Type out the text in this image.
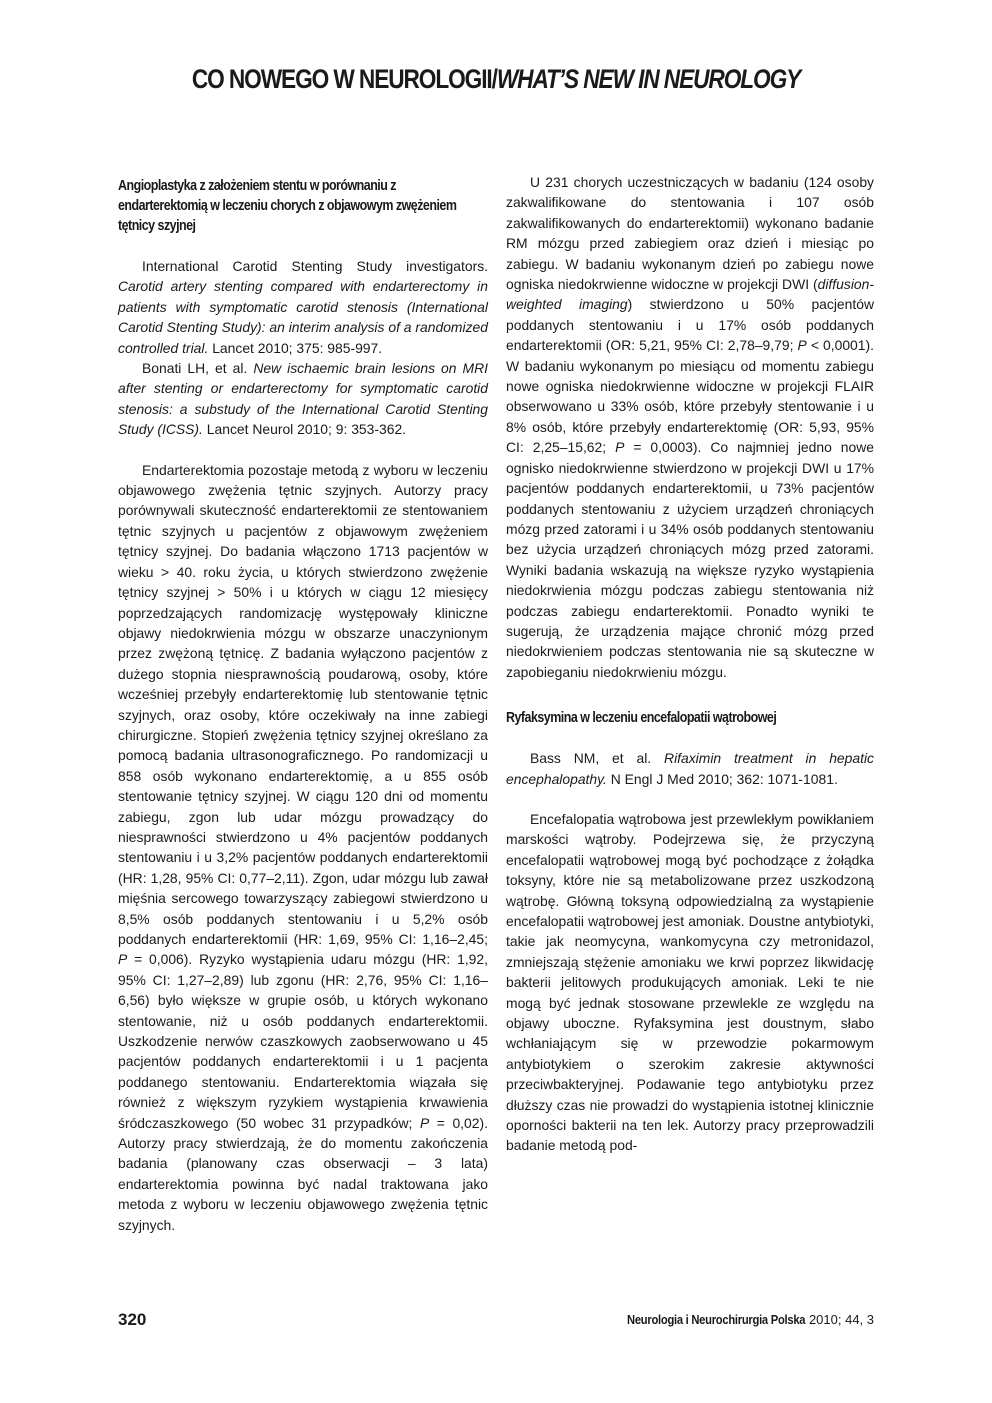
CO NOWEGO W NEUROLOGII/WHAT’S NEW IN NEUROLOGY
Angioplastyka z założeniem stentu w porównaniu z endarterektomią w leczeniu chorych z objawowym zwężeniem tętnicy szyjnej

International Carotid Stenting Study investigators. Carotid artery stenting compared with endarterectomy in patients with symptomatic carotid stenosis (International Carotid Stenting Study): an interim analysis of a randomized controlled trial. Lancet 2010; 375: 985-997.

Bonati LH, et al. New ischaemic brain lesions on MRI after stenting or endarterectomy for symptomatic carotid stenosis: a substudy of the International Carotid Stenting Study (ICSS). Lancet Neurol 2010; 9: 353-362.

Endarterektomia pozostaje metodą z wyboru w leczeniu objawowego zwężenia tętnic szyjnych. Autorzy pracy porównywali skuteczność endarterektomii ze stentowaniem tętnic szyjnych u pacjentów z objawowym zwężeniem tętnicy szyjnej. Do badania włączono 1713 pacjentów w wieku > 40. roku życia, u których stwierdzono zwężenie tętnicy szyjnej > 50% i u których w ciągu 12 miesięcy poprzedzających randomizację występowały kliniczne objawy niedokrwienia mózgu w obszarze unaczynionym przez zwężoną tętnicę. Z badania wyłączono pacjentów z dużego stopnia niesprawnością poudarową, osoby, które wcześniej przebyły endarterektomię lub stentowanie tętnic szyjnych, oraz osoby, które oczekiwały na inne zabiegi chirurgiczne. Stopień zwężenia tętnicy szyjnej określano za pomocą badania ultrasonograficznego. Po randomizacji u 858 osób wykonano endarterektomię, a u 855 osób stentowanie tętnicy szyjnej. W ciągu 120 dni od momentu zabiegu, zgon lub udar mózgu prowadzący do niesprawności stwierdzono u 4% pacjentów poddanych stentowaniu i u 3,2% pacjentów poddanych endarterektomii (HR: 1,28, 95% CI: 0,77–2,11). Zgon, udar mózgu lub zawał mięśnia sercowego towarzyszący zabiegowi stwierdzono u 8,5% osób poddanych stentowaniu i u 5,2% osób poddanych endarterektomii (HR: 1,69, 95% CI: 1,16–2,45; P = 0,006). Ryzyko wystąpienia udaru mózgu (HR: 1,92, 95% CI: 1,27–2,89) lub zgonu (HR: 2,76, 95% CI: 1,16–6,56) było większe w grupie osób, u których wykonano stentowanie, niż u osób poddanych endarterektomii. Uszkodzenie nerwów czaszkowych zaobserwowano u 45 pacjentów poddanych endarterektomii i u 1 pacjenta poddanego stentowaniu. Endarterektomia wiązała się również z większym ryzykiem wystąpienia krwawienia śródczaszkowego (50 wobec 31 przypadków; P = 0,02). Autorzy pracy stwierdzają, że do momentu zakończenia badania (planowany czas obserwacji – 3 lata) endarterektomia powinna być nadal traktowana jako metoda z wyboru w leczeniu objawowego zwężenia tętnic szyjnych.

U 231 chorych uczestniczących w badaniu (124 osoby zakwalifikowane do stentowania i 107 osób zakwalifikowanych do endarterektomii) wykonano badanie RM mózgu przed zabiegiem oraz dzień i miesiąc po zabiegu. W badaniu wykonanym dzień po zabiegu nowe ogniska niedokrwienne widoczne w projekcji DWI (diffusion-weighted imaging) stwierdzono u 50% pacjentów poddanych stentowaniu i u 17% osób poddanych endarterektomii (OR: 5,21, 95% CI: 2,78–9,79; P < 0,0001). W badaniu wykonanym po miesiącu od momentu zabiegu nowe ogniska niedokrwienne widoczne w projekcji FLAIR obserwowano u 33% osób, które przebyły stentowanie i u 8% osób, które przebyły endarterektomię (OR: 5,93, 95% CI: 2,25–15,62; P = 0,0003). Co najmniej jedno nowe ognisko niedokrwienne stwierdzono w projekcji DWI u 17% pacjentów poddanych endarterektomii, u 73% pacjentów poddanych stentowaniu z użyciem urządzeń chroniących mózg przed zatorami i u 34% osób poddanych stentowaniu bez użycia urządzeń chroniących mózg przed zatorami. Wyniki badania wskazują na większe ryzyko wystąpienia niedokrwienia mózgu podczas zabiegu stentowania niż podczas zabiegu endarterektomii. Ponadto wyniki te sugerują, że urządzenia mające chronić mózg przed niedokrwieniem podczas stentowania nie są skuteczne w zapobieganiu niedokrwieniu mózgu.

Ryfaksymina w leczeniu encefalopatii wątrobowej

Bass NM, et al. Rifaximin treatment in hepatic encephalopathy. N Engl J Med 2010; 362: 1071-1081.

Encefalopatia wątrobowa jest przewlekłym powikłaniem marskości wątroby. Podejrzewa się, że przyczyną encefalopatii wątrobowej mogą być pochodzące z żołądka toksyny, które nie są metabolizowane przez uszkodzoną wątrobę. Główną toksyną odpowiedzialną za wystąpienie encefalopatii wątrobowej jest amoniak. Doustne antybiotyki, takie jak neomycyna, wankomycyna czy metronidazol, zmniejszają stężenie amoniaku we krwi poprzez likwidację bakterii jelitowych produkujących amoniak. Leki te nie mogą być jednak stosowane przewlekle ze względu na objawy uboczne. Ryfaksymina jest doustnym, słabo wchłaniającym się w przewodzie pokarmowym antybiotykiem o szerokim zakresie aktywności przeciwbakteryjnej. Podawanie tego antybiotyku przez dłuższy czas nie prowadzi do wystąpienia istotnej klinicznie oporności bakterii na ten lek. Autorzy pracy przeprowadzili badanie metodą pod-

320	Neurologia i Neurochirurgia Polska 2010; 44, 3
